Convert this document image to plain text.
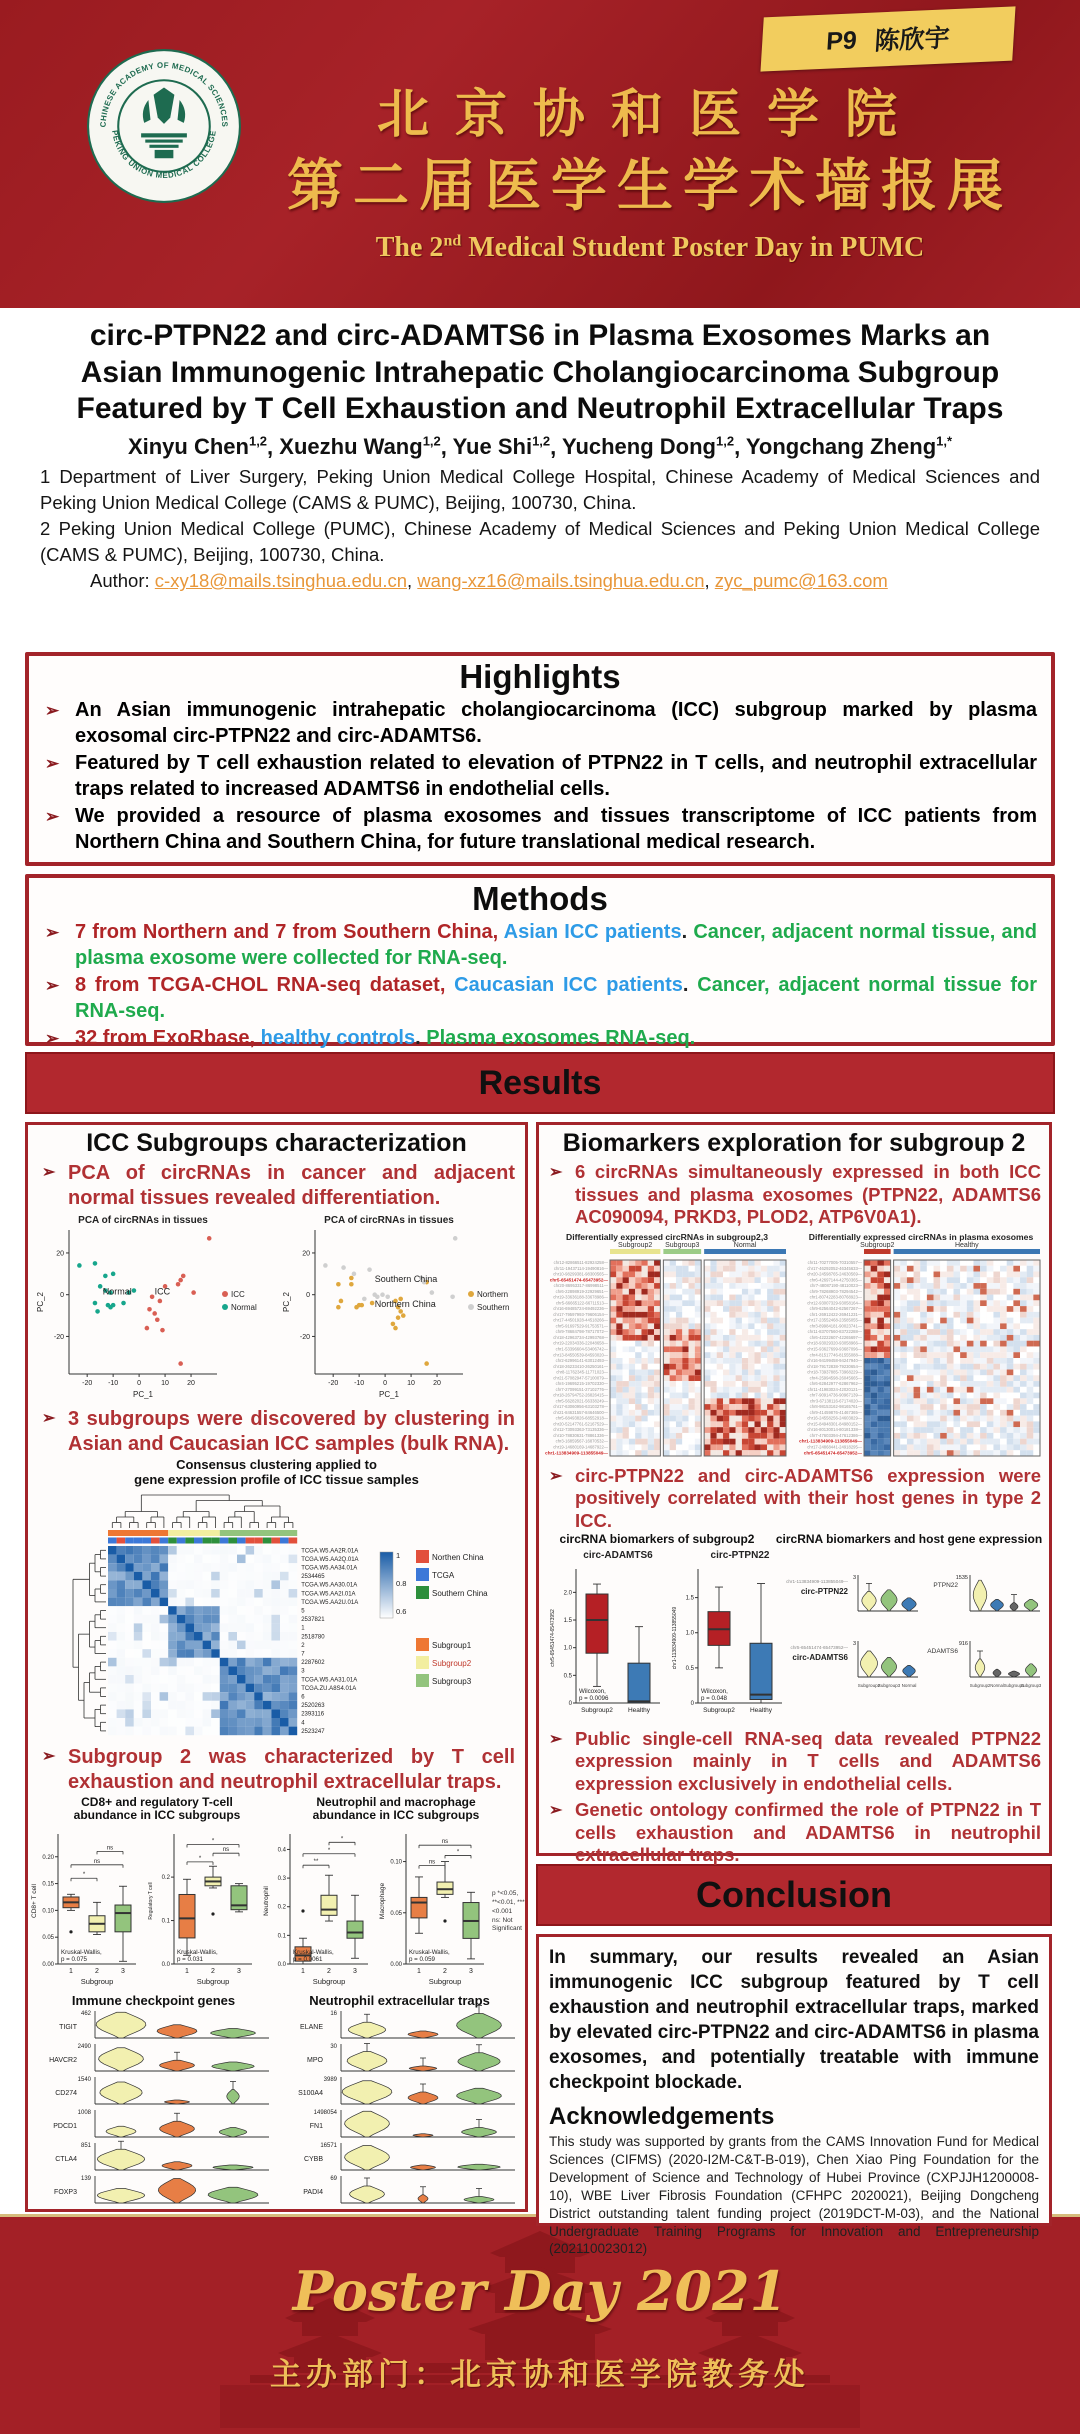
P9 陈欣宇
CHINESE ACADEMY OF MEDICAL SCIENCES
PEKING UNION MEDICAL COLLEGE	北京协和医学院
第二届医学生学术墙报展
The 2nd Medical Student Poster Day in PUMC
circ-PTPN22 and circ-ADAMTS6 in Plasma Exosomes Marks an Asian Immunogenic Intrahepatic Cholangiocarcinoma Subgroup Featured by T Cell Exhaustion and Neutrophil Extracellular Traps
Xinyu Chen$^{1,2}$, Xuezhu Wang$^{1,2}$, Yue Shi$^{1,2}$, Yucheng Dong$^{1,2}$, Yongchang Zheng$^{1,*}$

1 Department of Liver Surgery, Peking Union Medical College Hospital, Chinese Academy of Medical Sciences and Peking Union Medical College (CAMS & PUMC), Beijing, 100730, China.

2 Peking Union Medical College (PUMC), Chinese Academy of Medical Sciences and Peking Union Medical College (CAMS & PUMC), Beijing, 100730, China.

Author: c-xy18@mails.tsinghua.edu.cn, wang-xz16@mails.tsinghua.edu.cn, zyc_pumc@163.com

Highlights
➢ An Asian immunogenic intrahepatic cholangiocarcinoma (ICC) subgroup marked by plasma exosomal circ-PTPN22 and circ-ADAMTS6.
➢ Featured by T cell exhaustion related to elevation of PTPN22 in T cells, and neutrophil extracellular traps related to increased ADAMTS6 in endothelial cells.
➢ We provided a resource of plasma exosomes and tissues transcriptome of ICC patients from Northern China and Southern China, for future translational medical research.
Methods
➢ 7 from Northern and 7 from Southern China, Asian ICC patients. Cancer, adjacent normal tissue, and plasma exosome were collected for RNA-seq.
➢ 8 from TCGA-CHOL RNA-seq dataset, Caucasian ICC patients. Cancer, adjacent normal tissue for RNA-seq.
➢ 32 from ExoRbase, healthy controls. Plasma exosomes RNA-seq.
Results
ICC Subgroups characterization
➢ PCA of circRNAs in cancer and adjacent normal tissues revealed differentiation.
PCA of circRNAs in tissues
-20 -10	0	10	20
-20
0
20
PC_1
PC_2	ICC
Normal
Normal	ICC
PCA of circRNAs in tissues
-20 -10	0	10	20
-20
0
20
PC_1
PC_2	Northern
Southern
Southern China
Northern China
➢ 3 subgroups were discovered by clustering in Asian and Caucasian ICC samples (bulk RNA).
Consensus clustering applied to
gene expression profile of ICC tissue samples
TCGA.W5.AA2R.01A
TCGA.W5.AA2Q.01A
TCGA.W5.AA34.01A
2534465
TCGA.W5.AA30.01A
TCGA.W5.AA2I.01A
TCGA.W5.AA2U.01A
5
2537821
1
2518780
2
7
2287602
3
TCGA.W5.AA31.01A
TCGA.ZU.A8S4.01A
6
2520263
2393116
4
2523247
1
0.8
0.6
Northen China
TCGA
Southern China
Subgroup1
Subgroup2
Subgroup3
➢ Subgroup 2 was characterized by T cell exhaustion and neutrophil extracellular traps.
CD8+ and regulatory T-cell
abundance in ICC subgroups
Neutrophil and macrophage
abundance in ICC subgroups
0.00
0.05
0.10
0.15
0.20
CD8+ T cell
*
ns
ns
Kruskal-Wallis,
p = 0.075
1	2	3
Subgroup
0.0
0.1
0.2
Regulatory T cell
*
ns
*
Kruskal-Wallis,
p = 0.031
1	2	3
Subgroup
0.0
0.1
0.2
0.3
0.4
Neutrophil
**
*
*
Kruskal-Wallis,
p = 0.0061
1	2	3
Subgroup
0.00
0.05
0.10
Macrophage
ns
*
ns
Kruskal-Wallis,
p = 0.059
1	2	3
Subgroup
p *<0.05, **<0.01, ***<0.001
ns: Not Significant
Immune checkpoint genes	Neutrophil extracellular traps
TIGIT
462
HAVCR2
2490
CD274
1540
PDCD1
1008
CTLA4
851
FOXP3
139
ELANE
16
MPO
30
S100A4
3989
FN1
1498054
CYBB
16571
PADI4
69
Biomarkers exploration for subgroup 2
➢ 6 circRNAs simultaneously expressed in both ICC tissues and plasma exosomes (PTPN22, ADAMTS6 AC090094, PRKD3, PLOD2, ATP6V0A1).
Differentially expressed circRNAs in subgroup2,3
Subgroup2 Subgroup3	Normal
chr12-82866511-82924258—
chr11-19437114-19490816—
chr10-98299381-98300565—
chr5-65451474-65473952—
chr20-86953317-86998511—
chr6-22898919-22929651—
chr19-33636188-33678986—
chr5-66665122-66711513—
chr16-69485724-69492236—
chr17-79597993-79606154—
chr17-44501928-44518266—
chr5-91697529-91753571—
chr9-78684798-78717072—
chr18-42963734-42993768—
chr19-22034336-22048658—
chr1-53396604-53406742—
chr13-84550539-84593020—
chr2-62996141-63012493—
chr18-26233410-26250161—
chr8-11762345-11771023—
chr21-57082947-57100079—
chr4-19695215-19702330—
chr7-27099151-27102776—
chr18-26794752-26826415—
chr5-56282021-56338249—
chr17-63060956-63103278—
chr21-84631557-84646500—
chr5-68493826-68552918—
chr20-52147761-52167529—
chr12-73093363-73135336—
chr10-78830631-78861336—
chr3-16859567-16870532—
chr19-14680169-14687922—
chr1-113834909-113855049—
Differentially expressed circRNAs in plasma exosomes
Subgroup2	Healthy
chr11-70277005-70310557—
chr17-46292052-46345633—
chr20-24598765-24630569—
chr6-42697144-42750365—
chr7-48087190-48110023—
chr9-78268903-78294542—
chr1-80742283-80768923—
chr12-93007329-93058164—
chr9-62564042-62567267—
chr1-26912422-26941231—
chr17-23552468-23585055—
chr3-89984181-90023741—
chr11-83707560-83722288—
chr6-42222607-42265697—
chr18-93029320-93058966—
chr15-93627699-93687096—
chr4-81517746-81555088—
chr16-94199458-94247940—
chr18-79172838-79230654—
chr18-73937885-73968229—
chr4-25994598-26045665—
chr6-62842977-62867962—
chr11-41983024-42020121—
chr7-90914736-90967139—
chr3-67138116-67174020—
chr8-98153162-98165761—
chr9-41459876-41467365—
chr16-24558256-24603829—
chr15-84948301-84980152—
chr16-80130014-80181338—
chr7-47603394-47612386—
chr1-113834909-113855049—
chr17-24868441-24918295—
chr5-65451474-65473952—
➢ circ-PTPN22 and circ-ADAMTS6 expression were positively correlated with their host genes in type 2 ICC.
circRNA biomarkers of subgroup2	circRNA biomarkers and host gene expression
circ-ADAMTS6
0
0.5
1.0
1.5
2.0
chr5-65451474-65473952
Wilcoxon,
p = 0.0096
Subgroup2 Healthy
circ-PTPN22
0
0.5
1.0
1.5
chr1-113834909-113855049
Wilcoxon,
p = 0.048
Subgroup2 Healthy
chr1-113834909-113855049—
circ-PTPN22
3
chr5-65451474-65473952—
circ-ADAMTS6
3
Subgroup2
Subgroup3 Normal
PTPN22
1535
ADAMTS6
916
Subgroup2 Normal Subgroup1
Subgroup3
➢ Public single-cell RNA-seq data revealed PTPN22 expression mainly in T cells and ADAMTS6 expression exclusively in endothelial cells.
➢ Genetic ontology confirmed the role of PTPN22 in T cells exhaustion and ADAMTS6 in neutrophil extracellular traps.
Conclusion

In summary, our results revealed an Asian immunogenic ICC subgroup featured by T cell exhaustion and neutrophil extracellular traps, marked by elevated circ-PTPN22 and circ-ADAMTS6 in plasma exosomes, and potentially treatable with immune checkpoint blockade.

Acknowledgements

This study was supported by grants from the CAMS Innovation Fund for Medical Sciences (CIFMS) (2020-I2M-C&T-B-019), Chen Xiao Ping Foundation for the Development of Science and Technology of Hubei Province (CXPJJH1200008-10), WBE Liver Fibrosis Foundation (CFHPC 2020021), Beijing Dongcheng District outstanding talent funding project (2019DCT-M-03), and the National Undergraduate Training Programs for Innovation and Entrepreneurship (202110023012)

Poster Day 2021
主办部门：北京协和医学院教务处
